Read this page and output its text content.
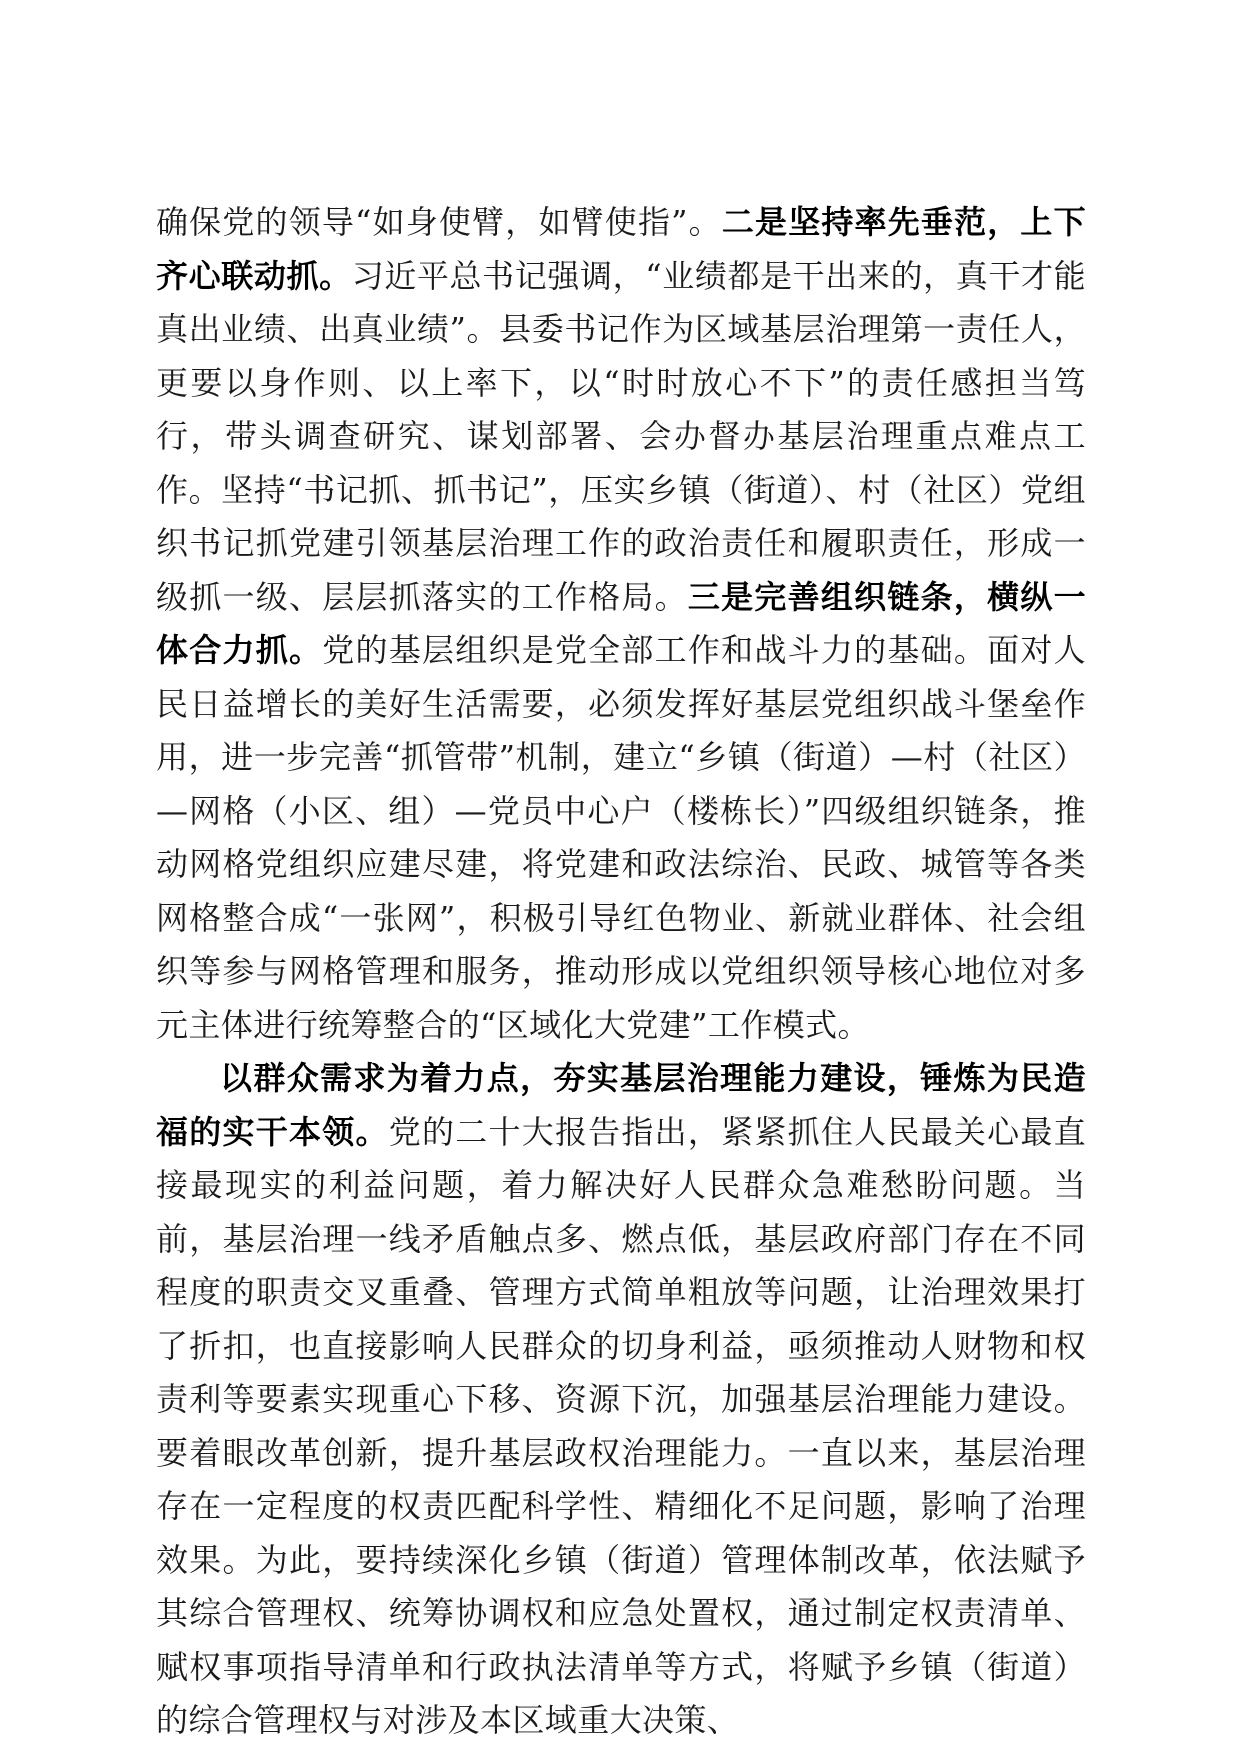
确保党的领导“如身使臂，如臂使指”。二是坚持率先垂范，上下齐心联动抓。习近平总书记强调，“业绩都是干出来的，真干才能真出业绩、出真业绩”。县委书记作为区域基层治理第一责任人，更要以身作则、以上率下，以“时时放心不下”的责任感担当笃行，带头调查研究、谋划部署、会办督办基层治理重点难点工作。坚持“书记抓、抓书记”，压实乡镇（街道）、村（社区）党组织书记抓党建引领基层治理工作的政治责任和履职责任，形成一级抓一级、层层抓落实的工作格局。三是完善组织链条，横纵一体合力抓。党的基层组织是党全部工作和战斗力的基础。面对人民日益增长的美好生活需要，必须发挥好基层党组织战斗堡垒作用，进一步完善“抓管带”机制，建立“乡镇（街道）—村（社区）—网格（小区、组）—党员中心户（楼栋长）”四级组织链条，推动网格党组织应建尽建，将党建和政法综治、民政、城管等各类网格整合成“一张网”，积极引导红色物业、新就业群体、社会组织等参与网格管理和服务，推动形成以党组织领导核心地位对多元主体进行统筹整合的“区域化大党建”工作模式。

以群众需求为着力点，夯实基层治理能力建设，锤炼为民造福的实干本领。党的二十大报告指出，紧紧抓住人民最关心最直接最现实的利益问题，着力解决好人民群众急难愁盼问题。当前，基层治理一线矛盾触点多、燃点低，基层政府部门存在不同程度的职责交叉重叠、管理方式简单粗放等问题，让治理效果打了折扣，也直接影响人民群众的切身利益，亟须推动人财物和权责利等要素实现重心下移、资源下沉，加强基层治理能力建设。要着眼改革创新，提升基层政权治理能力。一直以来，基层治理存在一定程度的权责匹配科学性、精细化不足问题，影响了治理效果。为此，要持续深化乡镇（街道）管理体制改革，依法赋予其综合管理权、统筹协调权和应急处置权，通过制定权责清单、赋权事项指导清单和行政执法清单等方式，将赋予乡镇（街道）的综合管理权与对涉及本区域重大决策、
